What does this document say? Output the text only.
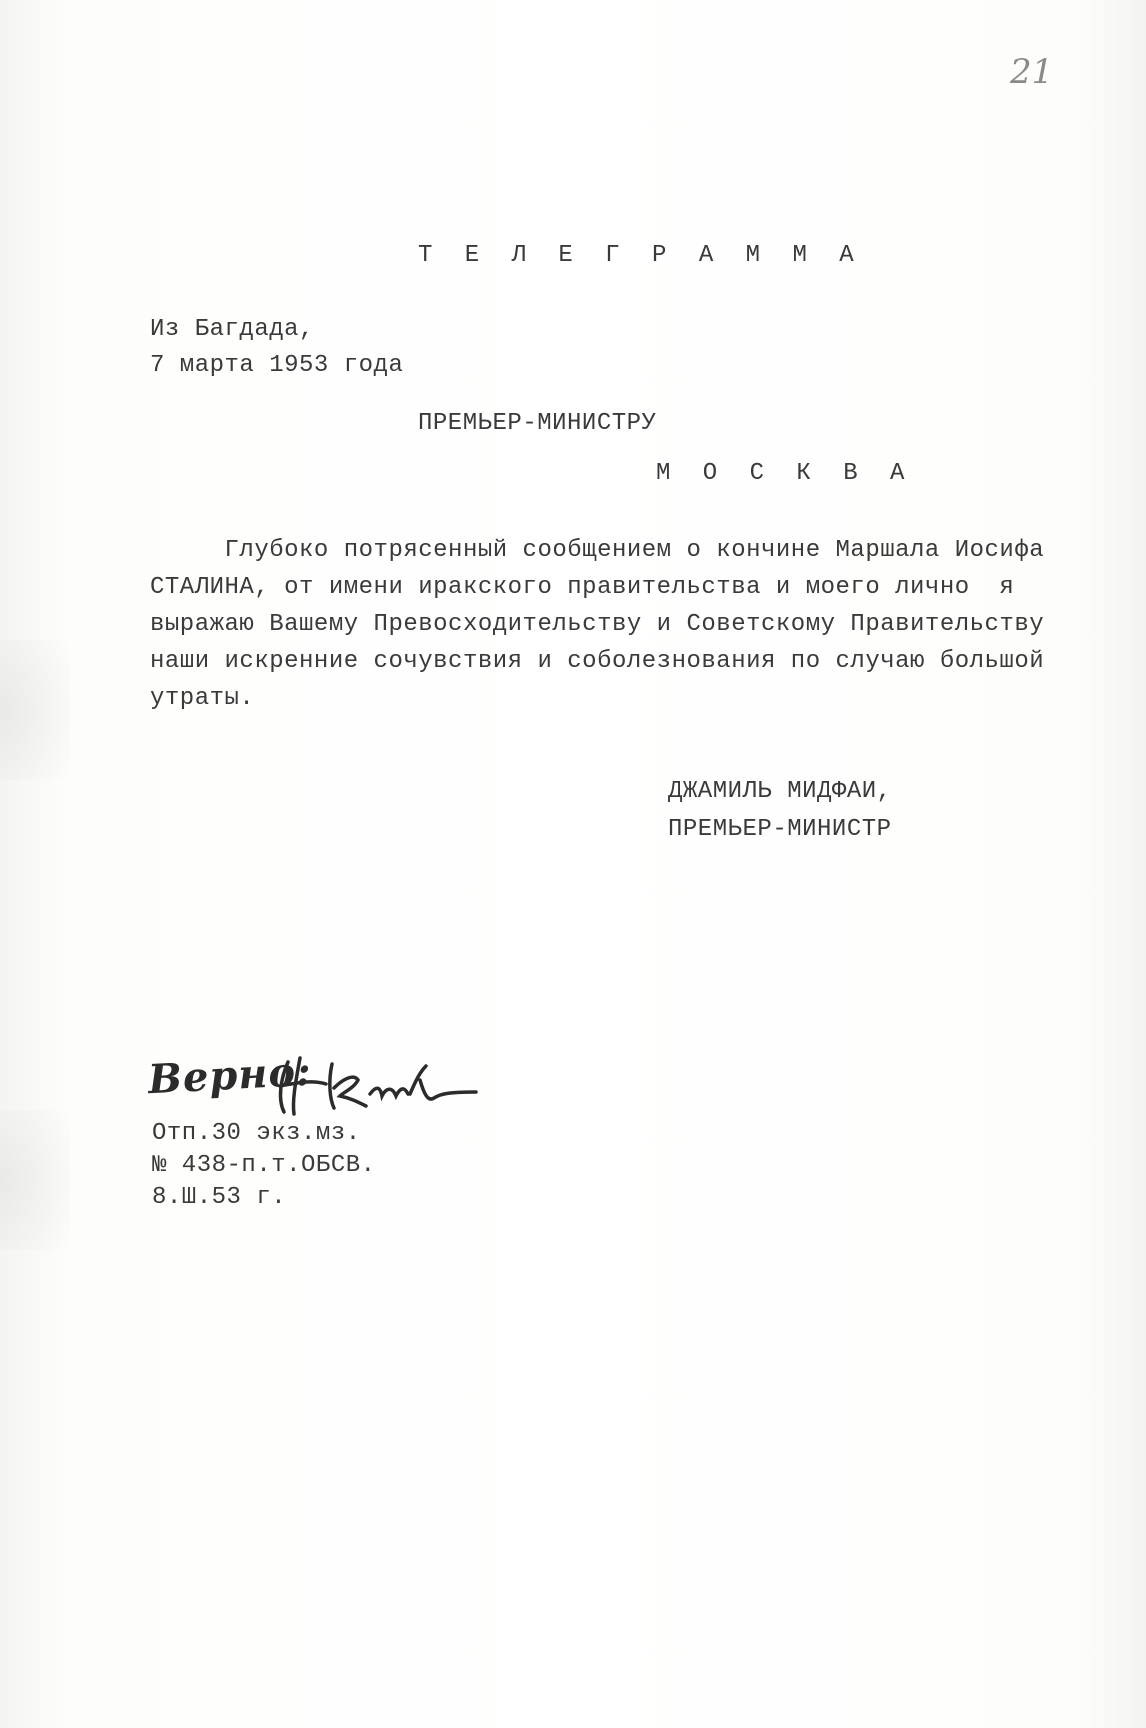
21
Т Е Л Е Г Р А М М А
Из Багдада,
7 марта 1953 года
ПРЕМЬЕР-МИНИСТРУ
М О С К В А
Глубоко потрясенный сообщением о кончине Маршала Иосифа
СТАЛИНА, от имени иракского правительства и моего лично  я
выражаю Вашему Превосходительству и Советскому Правительству
наши искренние сочувствия и соболезнования по случаю большой
утраты.
ДЖАМИЛЬ МИДФАИ,
ПРЕМЬЕР-МИНИСТР
Верно:
Отп.30 экз.мз.
№ 438-п.т.ОБСВ.
8.Ш.53 г.
